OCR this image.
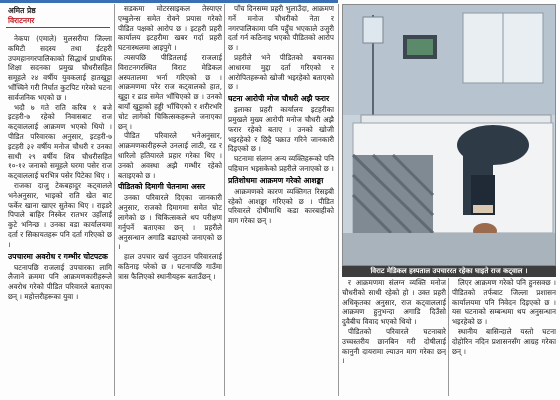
अमित प्रेष्ठ
विराटनगर

नेकपा (एमाले) मुलसरीया जिल्ला कमिटी सदस्य तथा ईटहरी उपमहानगरपालिकाको सिद्धार्थ प्राथमिक शिक्षा सदनका प्रमुख चौधरीसहित समूहले २४ वर्षीय युवकलाई हातखुट्टा भाँच्चिने गरी निर्घात कुटपिट गरेको घटना सार्वजनिक भएको छ ।

भदौ ७ गते राति करिब १ बजे इटहरी-७ रहेको निवासबाट राज कट्वाललाई आक्रमण भएको थियो । पीडित परिवारका अनुसार, इटहरी-७ इटहरी ३२ वर्षीय मनोज चौधरी र उनका साथी २९ वर्षीय शिव चौधरीसहित १०-१२ जनाको समूहले घरमा पसेर राज कट्वाललाई घरभित्र पसेर पिटेका थिए ।

राजका दाजु टेकबहादुर कट्वालले भनेअनुसार, भाइको राति खेत बाट फर्केर खाना खाएर सुतेका थिए । राइडरे पिपाले बाहिर निस्केर रातभर उहाँलाई कुटे भनिन्छ । उनका वडा कार्यालयमा दर्ता र सिकायतहरू पनि दर्ता गरिएको छ ।

उपचारमा अवरोध र गम्भीर चोटपटक

घटनापछि राजलाई उपचारका लागि लैजाने क्रममा पनि आक्रमणकारीहरूले अवरोध गरेको पीडित परिवारले बताएका छन् । महोत्तरीहरूका युवा ।

सडकमा मोटरसाइकल तेस्याएर एम्बुलेन्स समेत रोक्ने प्रयास गरेको पीडित पक्षको आरोप छ । इटहरी प्रहरी कार्यालय इटहरीमा खबर गर्दा प्रहरी घटनास्थलमा आइपुगे ।

त्यसपछि पीडितलाई राजलाई विराटनगरस्थित विराट मेडिकल अस्पतालमा भर्ना गरिएको छ । आक्रमणमा परेर राज कट्वालको हात, खुट्टा र ढाड समेत भाँचिएको छ । उनको बायाँ खुट्टाको हड्डी भाँचिएको र शरीरभरि चोट लागेको चिकित्सकहरूले जनाएका छन् ।

पीडित परिवारले भनेअनुसार, आक्रमणकारीहरूले उनलाई लाठी, रड र धारिलो हतियारले प्रहार गरेका थिए । उनको अवस्था अझै गम्भीर रहेको बताइएको छ ।

पीडितको दिमागी चेतनामा असर

उनका परिवारले दिएका जानकारी अनुसार, राजको दिमागमा समेत चोट लागेको छ । चिकित्सकले थप परीक्षण गर्नुपर्ने बताएका छन् । प्रहरीले अनुसन्धान अगाडि बढाएको जनाएको छ ।

हाल उपचार खर्च जुटाउन परिवारलाई कठिनाइ परेको छ । घटनापछि गाउँमा त्रास फैलिएको स्थानीयहरू बताउँछन् ।

पाँच दिनसम्म प्रहरी भुलाउँदा, आक्रमण गर्ने मनोज चौधरीको नेता र नगरपालिकामा पनि पहुँच भएकाले उजुरी दर्ता गर्न कठिनाइ भएको पीडितको आरोप छ ।

प्रहरीले भने पीडितको बयानका आधारमा मुद्दा दर्ता गरिएको र आरोपितहरूको खोजी भइरहेको बताएको छ ।

घटना आरोपी मोज चौधरी अझै फरार

इलाका प्रहरी कार्यालय इटहरीका प्रमुखले मुख्य आरोपी मनोज चौधरी अझै फरार रहेको बताए । उनको खोजी भइरहेको र छिट्टै पक्राउ गरिने जानकारी दिइएको छ ।

घटनामा संलग्न अन्य व्यक्तिहरूको पनि पहिचान भइसकेको प्रहरीले जनाएको छ ।

प्रतिशोधमा आक्रमण गरेको आशङ्का

आक्रमणको कारण व्यक्तिगत रिसइबी रहेको आशङ्का गरिएको छ । पीडित परिवारले दोषीमाथि कडा कारबाहीको माग गरेका छन् ।

विराट मेडिकल हस्पताल उपचाररत रहेका घाइते राज कट्वाल ।

र आक्रमणमा संलग्न व्यक्ति मनोज चौधरीको साथी रहेको हो । उक्त प्रहरी अधिकृतका अनुसार, राज कट्वाललाई आक्रमण हुनुभन्दा अगाडि दिउँसो दुवैबीच विवाद भएको थियो ।

पीडितको परिवारले घटनाबारे उच्चस्तरीय छानबिन गरी दोषीलाई कानुनी दायरामा ल्याउन माग गरेका छन् ।

लिएर आक्रमण गरेको पनि हुनसक्छ । पीडितको तर्फबाट जिल्ला प्रशासन कार्यालयमा पनि निवेदन दिइएको छ । यस घटनाको सम्बन्धमा थप अनुसन्धान भइरहेको छ ।

स्थानीय बासिन्दाले यस्तो घटना दोहोरिन नदिन प्रशासनसँग आग्रह गरेका छन् ।
